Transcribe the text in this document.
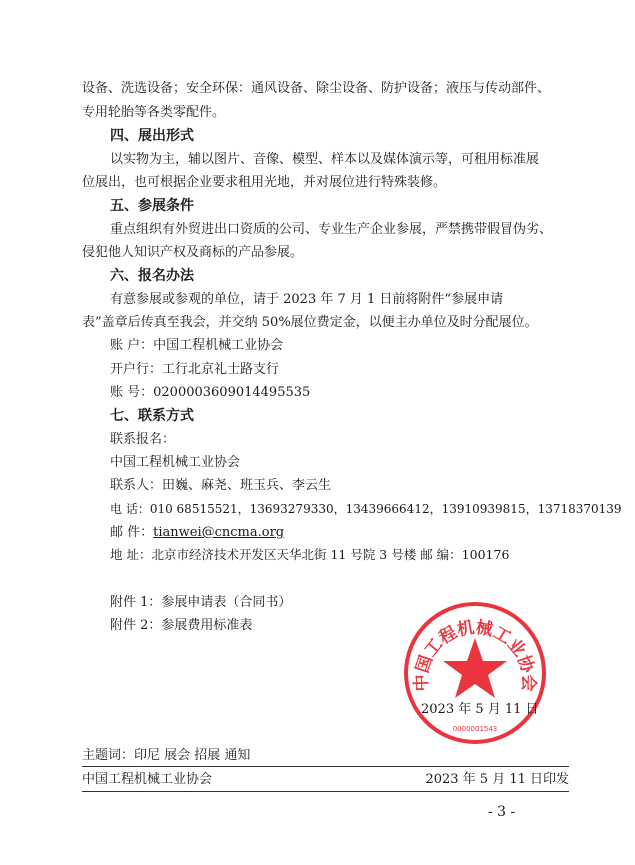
设备、洗选设备；安全环保：通风设备、除尘设备、防护设备；液压与传动部件、
专用轮胎等各类零配件。
四、展出形式
以实物为主，辅以图片、音像、模型、样本以及媒体演示等，可租用标准展
位展出，也可根据企业要求租用光地，并对展位进行特殊装修。
五、参展条件
重点组织有外贸进出口资质的公司、专业生产企业参展，严禁携带假冒伪劣、
侵犯他人知识产权及商标的产品参展。
六、报名办法
有意参展或参观的单位，请于 2023 年 7 月 1 日前将附件“参展申请
表”盖章后传真至我会，并交纳 50%展位费定金，以便主办单位及时分配展位。
账 户：中国工程机械工业协会
开户行：工行北京礼士路支行
账 号：0200003609014495535
七、联系方式
联系报名：
中国工程机械工业协会
联系人：田巍、麻尧、班玉兵、李云生
电 话：010 68515521，13693279330，13439666412，13910939815，13718370139
邮 件：tianwei@cncma.org
地 址：北京市经济技术开发区天华北街 11 号院 3 号楼 邮 编：100176
附件 1：参展申请表（合同书）
附件 2：参展费用标准表
中国工程机械工业协会
0000001543
2023 年 5 月 11 日
主题词：印尼 展会 招展 通知
中国工程机械工业协会	2023 年 5 月 11 日印发
- 3 -
